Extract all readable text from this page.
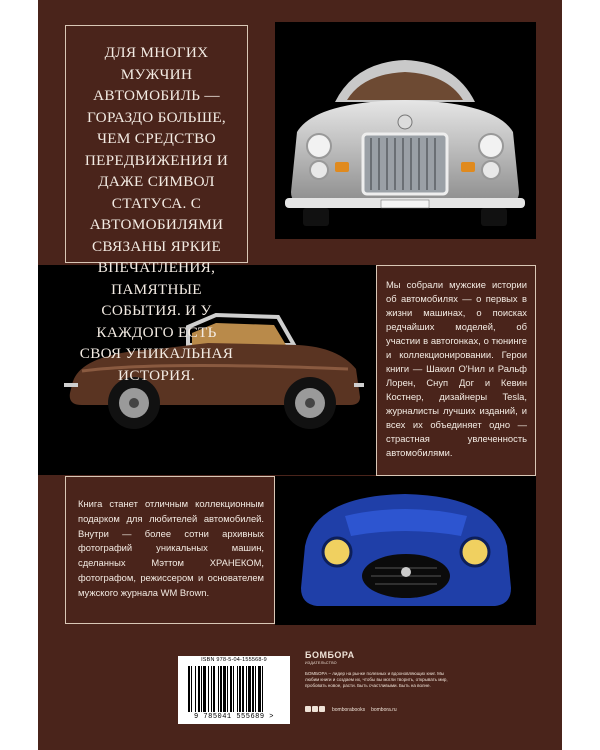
ДЛЯ МНОГИХ МУЖЧИН АВТОМОБИЛЬ — ГОРАЗДО БОЛЬШЕ, ЧЕМ СРЕДСТВО ПЕРЕДВИЖЕНИЯ И ДАЖЕ СИМВОЛ СТАТУСА. С АВТОМОБИЛЯМИ СВЯЗАНЫ ЯРКИЕ ВПЕЧАТЛЕНИЯ, ПАМЯТНЫЕ СОБЫТИЯ. И У КАЖДОГО ЕСТЬ СВОЯ УНИКАЛЬНАЯ ИСТОРИЯ.

Мы собрали мужские истории об автомобилях — о первых в жизни машинах, о поисках редчайших моделей, об участии в автогонках, о тюнинге и коллекционировании. Герои книги — Шакил О'Нил и Ральф Лорен, Снуп Дог и Кевин Костнер, дизайнеры Tesla, журналисты лучших изданий, и всех их объединяет одно — страстная увлеченность автомобилями.

Книга станет отличным коллекционным подарком для любителей автомобилей. Внутри — более сотни архивных фотографий уникальных машин, сделанных Мэттом ХРАНЕКОМ, фотографом, режиссером и основателем мужского журнала WM Brown.

ISBN 978-5-04-155568-9
9 785041 555689 >
БОМБОРА
ИЗДАТЕЛЬСТВО
БОМБОРА – лидер на рынке полезных и вдохновляющих книг. Мы любим книги и создаем их, чтобы вы могли творить, открывать мир, пробовать новое, расти. Быть счастливыми. Быть на волне.
bomborabooks bombora.ru
